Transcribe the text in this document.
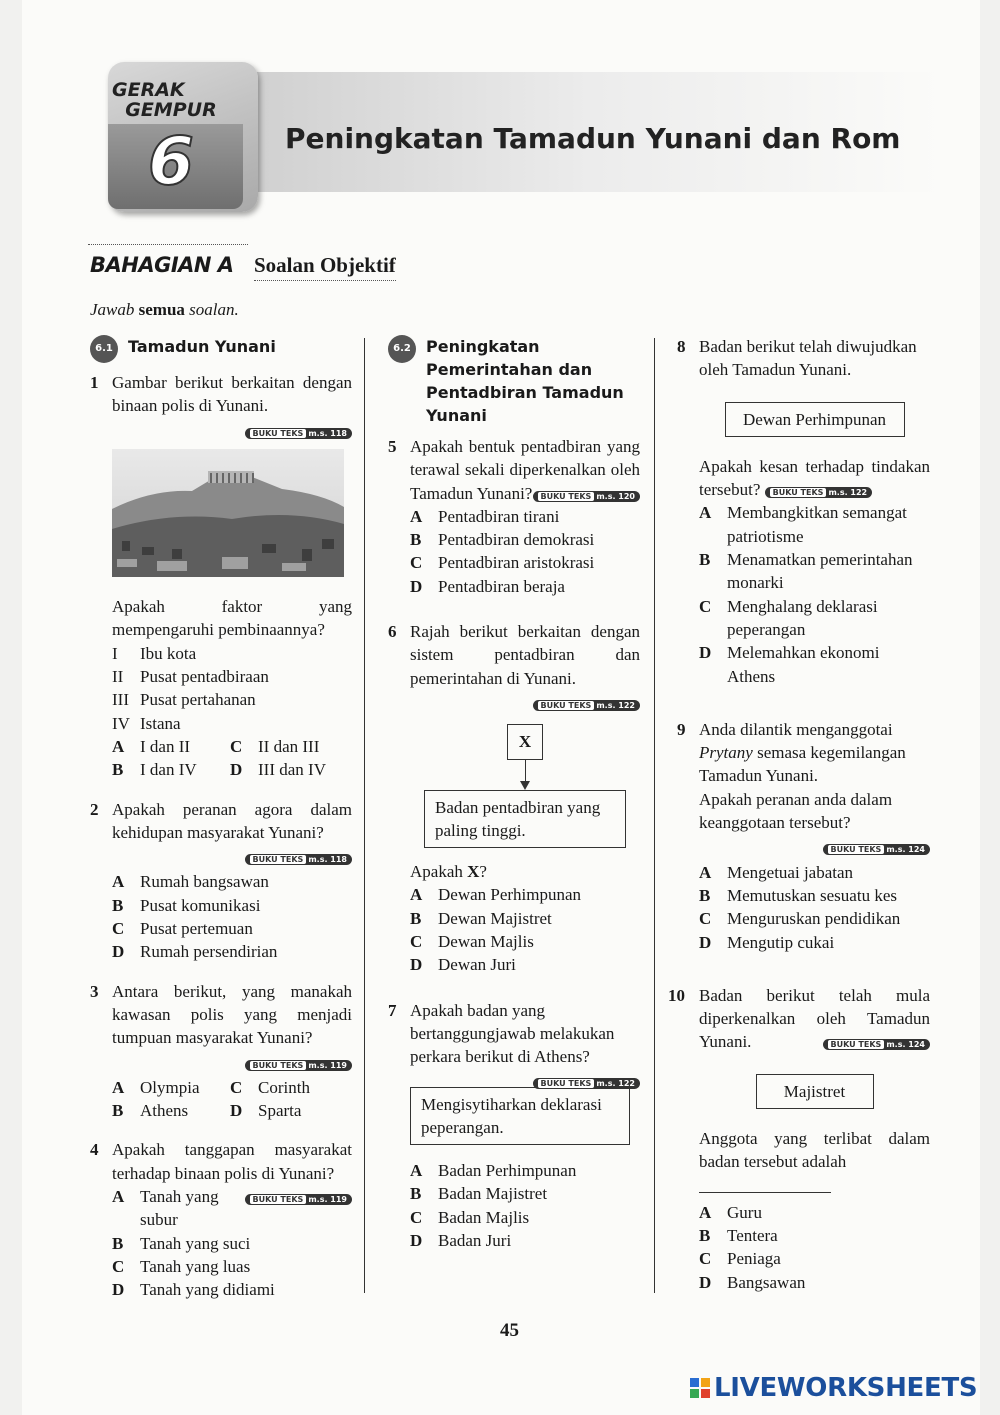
GERAK
GEMPUR
6	Peningkatan Tamadun Yunani dan Rom
BAHAGIAN A Soalan Objektif
Jawab semua soalan.
6.1 Tamadun Yunani
1 Gambar berikut berkaitan dengan binaan polis di Yunani.
BUKU TEKS m.s. 118
Apakah faktor yang mempengaruhi pembinaannya?
I	Ibu kota
II Pusat pentadbiraan
III Pusat pertahanan
IV Istana
A I dan II C II dan III
B I dan IV D III dan IV
2 Apakah peranan agora dalam kehidupan masyarakat Yunani?
BUKU TEKS m.s. 118
A Rumah bangsawan
B Pusat komunikasi
C Pusat pertemuan
D Rumah persendirian
3 Antara berikut, yang manakah kawasan polis yang menjadi tumpuan masyarakat Yunani?
BUKU TEKS m.s. 119
A Olympia C Corinth
B Athens D Sparta
4 Apakah tanggapan masyarakat terhadap binaan polis di Yunani?
BUKU TEKS m.s. 119
A Tanah yang subur
B Tanah yang suci
C Tanah yang luas
D Tanah yang didiami
6.2 Peningkatan Pemerintahan dan Pentadbiran Tamadun Yunani
5 Apakah bentuk pentadbiran yang terawal sekali diperkenalkan oleh Tamadun Yunani?	BUKU TEKS m.s. 120
A Pentadbiran tirani
B Pentadbiran demokrasi
C Pentadbiran aristokrasi
D Pentadbiran beraja
6 Rajah berikut berkaitan dengan sistem pentadbiran dan pemerintahan di Yunani.
BUKU TEKS m.s. 122
X
Badan pentadbiran yang paling tinggi.
Apakah X?
A Dewan Perhimpunan
B Dewan Majistret
C Dewan Majlis
D Dewan Juri
7 Apakah badan yang bertanggungjawab melakukan perkara berikut di Athens?
BUKU TEKS m.s. 122
Mengisytiharkan deklarasi peperangan.
A Badan Perhimpunan
B Badan Majistret
C Badan Majlis
D Badan Juri
8 Badan berikut telah diwujudkan oleh Tamadun Yunani.
Dewan Perhimpunan
Apakah kesan terhadap tindakan tersebut? BUKU TEKS m.s. 122
A Membangkitkan semangat patriotisme
B Menamatkan pemerintahan monarki
C Menghalang deklarasi peperangan
D Melemahkan ekonomi Athens
9 Anda dilantik menganggotai Prytany semasa kegemilangan Tamadun Yunani.
Apakah peranan anda dalam keanggotaan tersebut?
BUKU TEKS m.s. 124
A Mengetuai jabatan
B Memutuskan sesuatu kes
C Menguruskan pendidikan
D Mengutip cukai
10 Badan berikut telah mula diperkenalkan oleh Tamadun Yunani.	BUKU TEKS m.s. 124
Majistret
Anggota yang terlibat dalam badan tersebut adalah
A Guru
B Tentera
C Peniaga
D Bangsawan
45
LIVEWORKSHEETS
